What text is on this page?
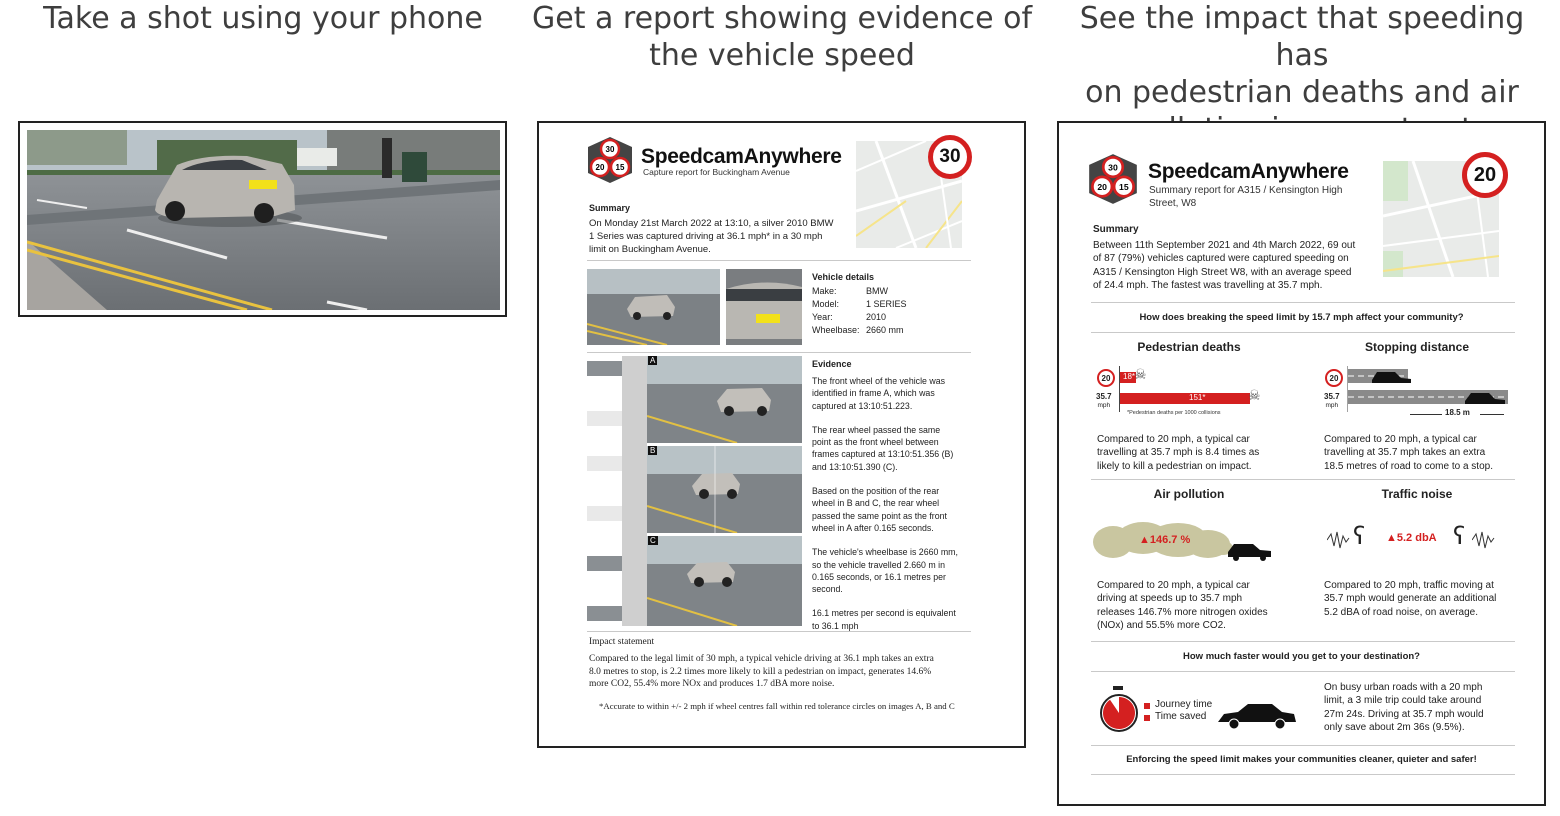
Take a shot using your phone	Get a report showing evidence of
the vehicle speed
See the impact that speeding has
on pedestrian deaths and air
30
20 15 SpeedcamAnywhere
Capture report for Buckingham Avenue
30
Summary
On Monday 21st March 2022 at 13:10, a silver 2010 BMW
1 Series was captured driving at 36.1 mph* in a 30 mph
limit on Buckingham Avenue.
Vehicle details
Make:	BMW
Model:	1 SERIES
Year:	2010
Wheelbase: 2660 mm
A
B
C
Evidence
The front wheel of the vehicle was
identified in frame A, which was
captured at 13:10:51.223.
The rear wheel passed the same
point as the front wheel between
frames captured at 13:10:51.356 (B)
and 13:10:51.390 (C).
Based on the position of the rear
wheel in B and C, the rear wheel
passed the same point as the front
wheel in A after 0.165 seconds.
The vehicle's wheelbase is 2660 mm,
so the vehicle travelled 2.660 m in
0.165 seconds, or 16.1 metres per
second.
16.1 metres per second is equivalent
to 36.1 mph
Impact statement
Compared to the legal limit of 30 mph, a typical vehicle driving at 36.1 mph takes an extra
8.0 metres to stop, is 2.2 times more likely to kill a pedestrian on impact, generates 14.6%
more CO2, 55.4% more NOx and produces 1.7 dBA more noise.
*Accurate to within +/- 2 mph if wheel centres fall within red tolerance circles on images A, B and C
30
20 15
SpeedcamAnywhere
Summary report for A315 / Kensington High
Street, W8
20
Summary
Between 11th September 2021 and 4th March 2022, 69 out
of 87 (79%) vehicles captured were captured speeding on
A315 / Kensington High Street W8, with an average speed
of 24.4 mph. The fastest was travelling at 35.7 mph.
How does breaking the speed limit by 15.7 mph affect your community?
Pedestrian deaths
20
35.7
mph
18*
151*
☠
☠
*Pedestrian deaths per 1000 collisions
Compared to 20 mph, a typical car
travelling at 35.7 mph is 8.4 times as
likely to kill a pedestrian on impact.
Stopping distance
20
35.7
mph
18.5 m
Compared to 20 mph, a typical car
travelling at 35.7 mph takes an extra
18.5 metres of road to come to a stop.
Air pollution
▲146.7 %
Compared to 20 mph, a typical car
driving at speeds up to 35.7 mph
releases 146.7% more nitrogen oxides
(NOx) and 55.5% more CO2.
Traffic noise
ʕ ▲5.2 dbA ʕ
Compared to 20 mph, traffic moving at
35.7 mph would generate an additional
5.2 dBA of road noise, on average.
How much faster would you get to your destination?
Journey time
Time saved
On busy urban roads with a 20 mph
limit, a 3 mile trip could take around
27m 24s. Driving at 35.7 mph would
only save about 2m 36s (9.5%).
Enforcing the speed limit makes your communities cleaner, quieter and safer!
